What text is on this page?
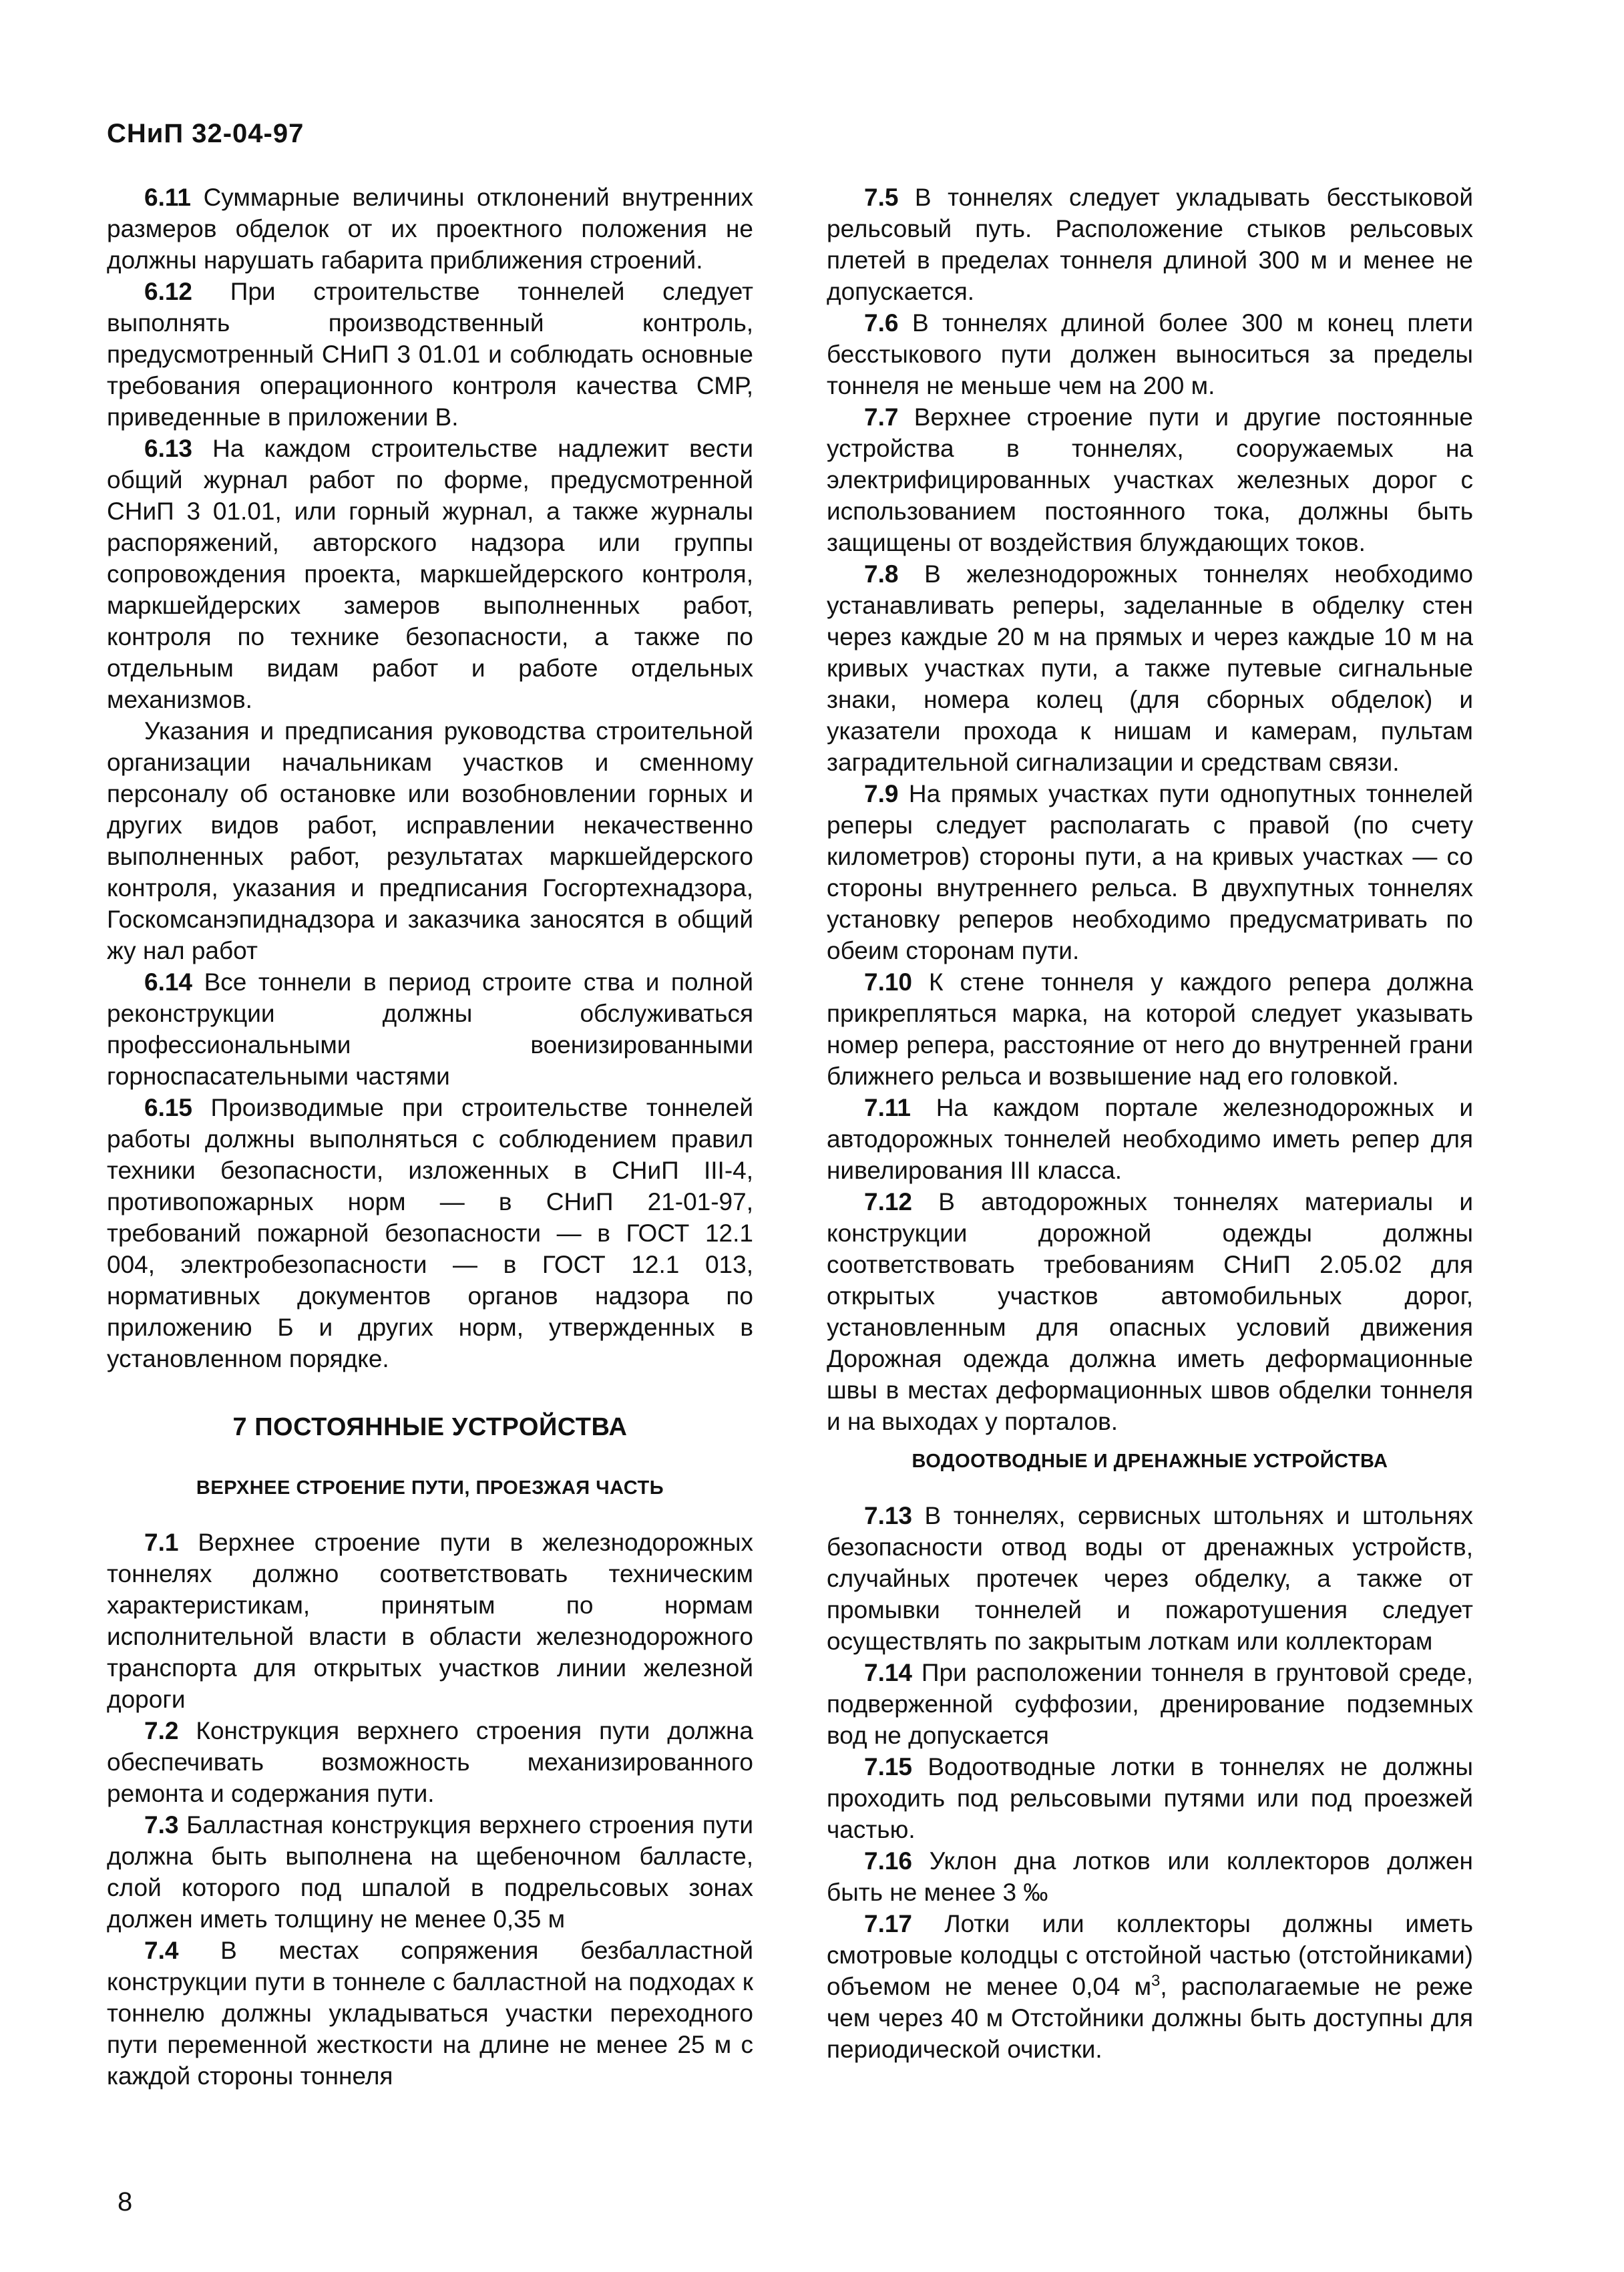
СНиП 32-04-97

6.11 Суммарные величины отклонений внутренних размеров обделок от их проектного положения не должны нарушать габарита приближения строений.

6.12 При строительстве тоннелей следует выполнять производственный контроль, предусмотренный СНиП 3 01.01 и соблюдать основные требования операционного контроля качества СМР, приведенные в приложении В.

6.13 На каждом строительстве надлежит вести общий журнал работ по форме, предусмотренной СНиП 3 01.01, или горный журнал, а также журналы распоряжений, авторского надзора или группы сопровождения проекта, маркшейдерского контроля, маркшейдерских замеров выполненных работ, контроля по технике безопасности, а также по отдельным видам работ и работе отдельных механизмов.

Указания и предписания руководства строительной организации начальникам участков и сменному персоналу об остановке или возобновлении горных и других видов работ, исправлении некачественно выполненных работ, результатах маркшейдерского контроля, указания и предписания Госгортехнадзора, Госкомсанэпиднадзора и заказчика заносятся в общий жу нал работ

6.14 Все тоннели в период строите ства и полной реконструкции должны обслуживаться профессиональными военизированными горноспасательными частями

6.15 Производимые при строительстве тоннелей работы должны выполняться с соблюдением правил техники безопасности, изложенных в СНиП III-4, противопожарных норм — в СНиП 21-01-97, требований пожарной безопасности — в ГОСТ 12.1 004, электробезопасности — в ГОСТ 12.1 013, нормативных документов органов надзора по приложению Б и других норм, утвержденных в установленном порядке.

7 ПОСТОЯННЫЕ УСТРОЙСТВА
ВЕРХНЕЕ СТРОЕНИЕ ПУТИ, ПРОЕЗЖАЯ ЧАСТЬ

7.1 Верхнее строение пути в железнодорожных тоннелях должно соответствовать техническим характеристикам, принятым по нормам исполнительной власти в области железнодорожного транспорта для открытых участков линии железной дороги

7.2 Конструкция верхнего строения пути должна обеспечивать возможность механизированного ремонта и содержания пути.

7.3 Балластная конструкция верхнего строения пути должна быть выполнена на щебеночном балласте, слой которого под шпалой в подрельсовых зонах должен иметь толщину не менее 0,35 м

7.4 В местах сопряжения безбалластной конструкции пути в тоннеле с балластной на подходах к тоннелю должны укладываться участки переходного пути переменной жесткости на длине не менее 25 м с каждой стороны тоннеля

7.5 В тоннелях следует укладывать бесстыковой рельсовый путь. Расположение стыков рельсовых плетей в пределах тоннеля длиной 300 м и менее не допускается.

7.6 В тоннелях длиной более 300 м конец плети бесстыкового пути должен выноситься за пределы тоннеля не меньше чем на 200 м.

7.7 Верхнее строение пути и другие постоянные устройства в тоннелях, сооружаемых на электрифицированных участках железных дорог с использованием постоянного тока, должны быть защищены от воздействия блуждающих токов.

7.8 В железнодорожных тоннелях необходимо устанавливать реперы, заделанные в обделку стен через каждые 20 м на прямых и через каждые 10 м на кривых участках пути, а также путевые сигнальные знаки, номера колец (для сборных обделок) и указатели прохода к нишам и камерам, пультам заградительной сигнализации и средствам связи.

7.9 На прямых участках пути однопутных тоннелей реперы следует располагать с правой (по счету километров) стороны пути, а на кривых участках — со стороны внутреннего рельса. В двухпутных тоннелях установку реперов необходимо предусматривать по обеим сторонам пути.

7.10 К стене тоннеля у каждого репера должна прикрепляться марка, на которой следует указывать номер репера, расстояние от него до внутренней грани ближнего рельса и возвышение над его головкой.

7.11 На каждом портале железнодорожных и автодорожных тоннелей необходимо иметь репер для нивелирования III класса.

7.12 В автодорожных тоннелях материалы и конструкции дорожной одежды должны соответствовать требованиям СНиП 2.05.02 для открытых участков автомобильных дорог, установленным для опасных условий движения Дорожная одежда должна иметь деформационные швы в местах деформационных швов обделки тоннеля и на выходах у порталов.

ВОДООТВОДНЫЕ И ДРЕНАЖНЫЕ УСТРОЙСТВА

7.13 В тоннелях, сервисных штольнях и штольнях безопасности отвод воды от дренажных устройств, случайных протечек через обделку, а также от промывки тоннелей и пожаротушения следует осуществлять по закрытым лоткам или коллекторам

7.14 При расположении тоннеля в грунтовой среде, подверженной суффозии, дренирование подземных вод не допускается

7.15 Водоотводные лотки в тоннелях не должны проходить под рельсовыми путями или под проезжей частью.

7.16 Уклон дна лотков или коллекторов должен быть не менее 3 ‰

7.17 Лотки или коллекторы должны иметь смотровые колодцы с отстойной частью (отстойниками) объемом не менее 0,04 $м^3$, располагаемые не реже чем через 40 м Отстойники должны быть доступны для периодической очистки.

8
